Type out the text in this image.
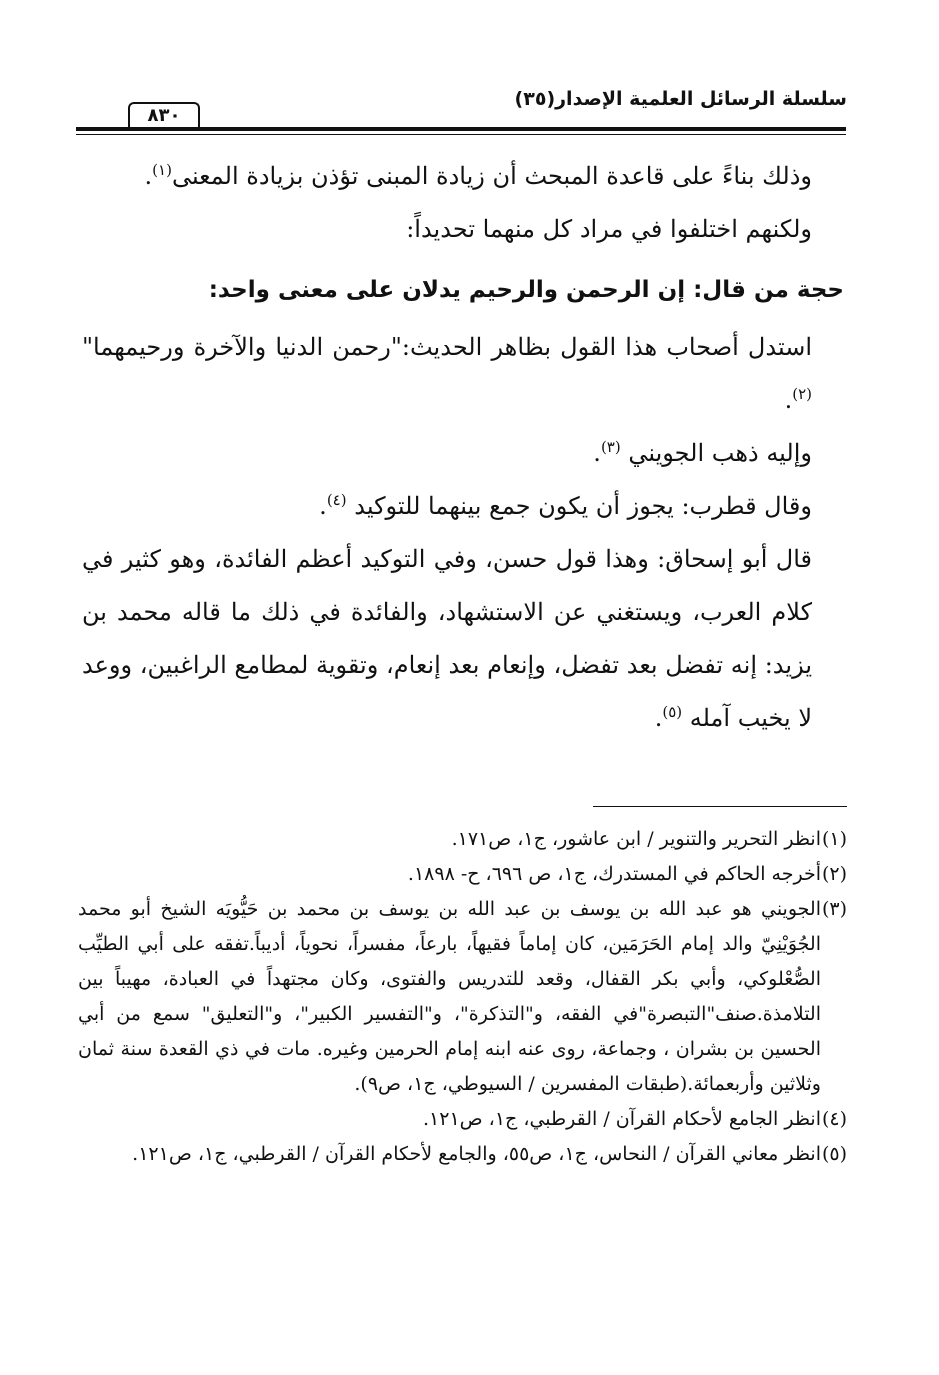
سلسلة الرسائل العلمية الإصدار(٣٥)
٨٣٠

وذلك بناءً على قاعدة المبحث أن زيادة المبنى تؤذن بزيادة المعنى$^{(١)}$.

ولكنهم اختلفوا في مراد كل منهما تحديداً:

حجة من قال: إن الرحمن والرحيم يدلان على معنى واحد:

استدل أصحاب هذا القول بظاهر الحديث:"رحمن الدنيا والآخرة ورحيمهما"$^{(٢)}$.

وإليه ذهب الجويني $^{(٣)}$.

وقال قطرب: يجوز أن يكون جمع بينهما للتوكيد $^{(٤)}$.

قال أبو إسحاق: وهذا قول حسن، وفي التوكيد أعظم الفائدة، وهو كثير في كلام العرب، ويستغني عن الاستشهاد، والفائدة في ذلك ما قاله محمد بن يزيد: إنه تفضل بعد تفضل، وإنعام بعد إنعام، وتقوية لمطامع الراغبين، ووعد لا يخيب آمله $^{(٥)}$.

(١)انظر التحرير والتنوير / ابن عاشور، ج١، ص١٧١.

(٢)أخرجه الحاكم في المستدرك، ج١، ص ٦٩٦، ح- ١٨٩٨.

(٣)الجويني هو عبد الله بن يوسف بن عبد الله بن يوسف بن محمد بن حَيُّويَه الشيخ أبو محمد الجُوَيْنِيّ والد إمام الحَرَمَين، كان إماماً فقيهاً، بارعاً، مفسراً، نحوياً، أديباً.تفقه على أبي الطيِّب الصُّعْلوكي، وأبي بكر القفال، وقعد للتدريس والفتوى، وكان مجتهداً في العبادة، مهيباً بين التلامذة.صنف"التبصرة"في الفقه، و"التذكرة"، و"التفسير الكبير"، و"التعليق" سمع من أبي الحسين بن بشران ، وجماعة، روى عنه ابنه إمام الحرمين وغيره. مات في ذي القعدة سنة ثمان وثلاثين وأربعمائة.(طبقات المفسرين / السيوطي، ج١، ص٩).

(٤)انظر الجامع لأحكام القرآن / القرطبي، ج١، ص١٢١.

(٥)انظر معاني القرآن / النحاس، ج١، ص٥٥، والجامع لأحكام القرآن / القرطبي، ج١، ص١٢١.
